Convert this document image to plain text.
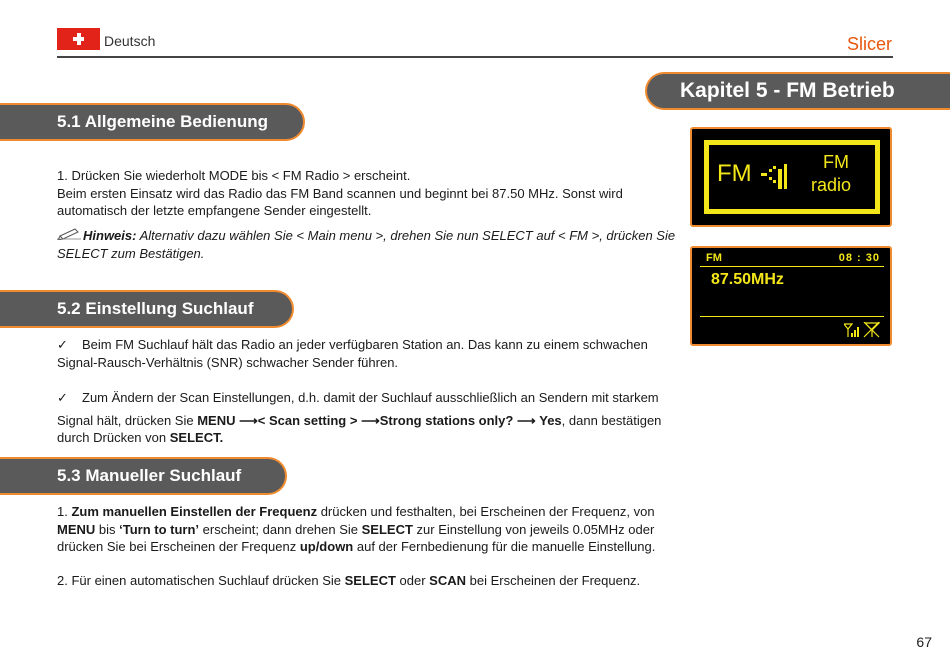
Deutsch	Slicer
Kapitel 5 - FM Betrieb
5.1 Allgemeine Bedienung

1. Drücken Sie wiederholt MODE bis < FM Radio > erscheint.

Beim ersten Einsatz wird das Radio das FM Band scannen und beginnt bei 87.50 MHz. Sonst wird automatisch der letzte empfangene Sender eingestellt.

Hinweis: Alternativ dazu wählen Sie < Main menu >, drehen Sie nun SELECT auf < FM >, drücken Sie SELECT zum Bestätigen.
5.2 Einstellung Suchlauf
✓ Beim FM Suchlauf hält das Radio an jeder verfügbaren Station an. Das kann zu einem schwachen Signal-Rausch-Verhältnis (SNR) schwacher Sender führen.

✓ Zum Ändern der Scan Einstellungen, d.h. damit der Suchlauf ausschließlich an Sendern mit starkem

Signal hält, drücken Sie MENU ⟶< Scan setting > ⟶Strong stations only? ⟶ Yes, dann bestätigen

durch Drücken von SELECT.

5.3 Manueller Suchlauf
1. Zum manuellen Einstellen der Frequenz drücken und festhalten, bei Erscheinen der Frequenz, von MENU bis ‘Turn to turn’ erscheint; dann drehen Sie SELECT zur Einstellung von jeweils 0.05MHz oder drücken Sie bei Erscheinen der Frequenz up/down auf der Fernbedienung für die manuelle Einstellung.
2. Für einen automatischen Suchlauf drücken Sie SELECT oder SCAN bei Erscheinen der Frequenz.
FM	FM
radio
FM	08 : 30
87.50MHz
67
